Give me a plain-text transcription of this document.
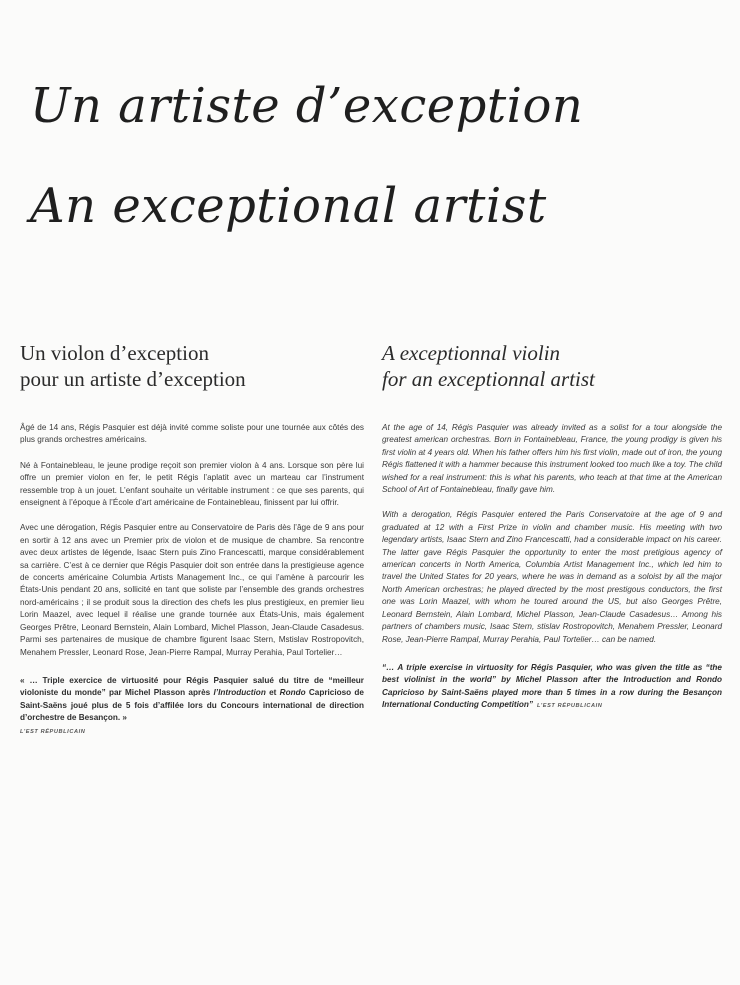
Un artiste d’exception
An exceptional artist
Un violon d’exception
pour un artiste d’exception

Âgé de 14 ans, Régis Pasquier est déjà invité comme soliste pour une tournée aux côtés des plus grands orchestres américains.

Né à Fontainebleau, le jeune prodige reçoit son premier violon à 4 ans. Lorsque son père lui offre un premier violon en fer, le petit Régis l’aplatit avec un marteau car l’instrument ressemble trop à un jouet. L’enfant souhaite un véritable instrument : ce que ses parents, qui enseignent à l’époque à l’École d’art américaine de Fontainebleau, finissent par lui offrir.

Avec une dérogation, Régis Pasquier entre au Conservatoire de Paris dès l’âge de 9 ans pour en sortir à 12 ans avec un Premier prix de violon et de musique de chambre. Sa rencontre avec deux artistes de légende, Isaac Stern puis Zino Francescatti, marque considérablement sa carrière. C’est à ce dernier que Régis Pasquier doit son entrée dans la prestigieuse agence de concerts américaine Columbia Artists Management Inc., ce qui l’amène à parcourir les États-Unis pendant 20 ans, sollicité en tant que soliste par l’ensemble des grands orchestres nord-américains ; il se produit sous la direction des chefs les plus prestigieux, en premier lieu Lorin Maazel, avec lequel il réalise une grande tournée aux États-Unis, mais également Georges Prêtre, Leonard Bernstein, Alain Lombard, Michel Plasson, Jean-Claude Casadesus. Parmi ses partenaires de musique de chambre figurent Isaac Stern, Mstislav Rostropovitch, Menahem Pressler, Leonard Rose, Jean-Pierre Rampal, Murray Perahia, Paul Tortelier…

« … Triple exercice de virtuosité pour Régis Pasquier salué du titre de “meilleur violoniste du monde” par Michel Plasson après l’Introduction et Rondo Capricioso de Saint-Saëns joué plus de 5 fois d’affilée lors du Concours international de direction d’orchestre de Besançon. »
L’EST RÉPUBLICAIN

A exceptionnal violin
for an exceptionnal artist

At the age of 14, Régis Pasquier was already invited as a solist for a tour alongside the greatest american orchestras. Born in Fontainebleau, France, the young prodigy is given his first violin at 4 years old. When his father offers him his first violin, made out of iron, the young Régis flattened it with a hammer because this instrument looked too much like a toy. The child wished for a real instrument: this is what his parents, who teach at that time at the American School of Art of Fontainebleau, finally gave him.

With a derogation, Régis Pasquier entered the Paris Conservatoire at the age of 9 and graduated at 12 with a First Prize in violin and chamber music. His meeting with two legendary artists, Isaac Stern and Zino Francescatti, had a considerable impact on his career. The latter gave Régis Pasquier the opportunity to enter the most pretigious agency of american concerts in North America, Columbia Artist Management Inc., which led him to travel the United States for 20 years, where he was in demand as a soloist by all the major North American orchestras; he played directed by the most prestigous conductors, the first one was Lorin Maazel, with whom he toured around the US, but also Georges Prêtre, Leonard Bernstein, Alain Lombard, Michel Plasson, Jean-Claude Casadesus… Among his partners of chambers music, Isaac Stern, stislav Rostropovitch, Menahem Pressler, Leonard Rose, Jean-Pierre Rampal, Murray Perahia, Paul Tortelier… can be named.

“… A triple exercise in virtuosity for Régis Pasquier, who was given the title as “the best violinist in the world” by Michel Plasson after the Introduction and Rondo Capricioso by Saint-Saëns played more than 5 times in a row during the Besançon International Conducting Competition” L’EST RÉPUBLICAIN
